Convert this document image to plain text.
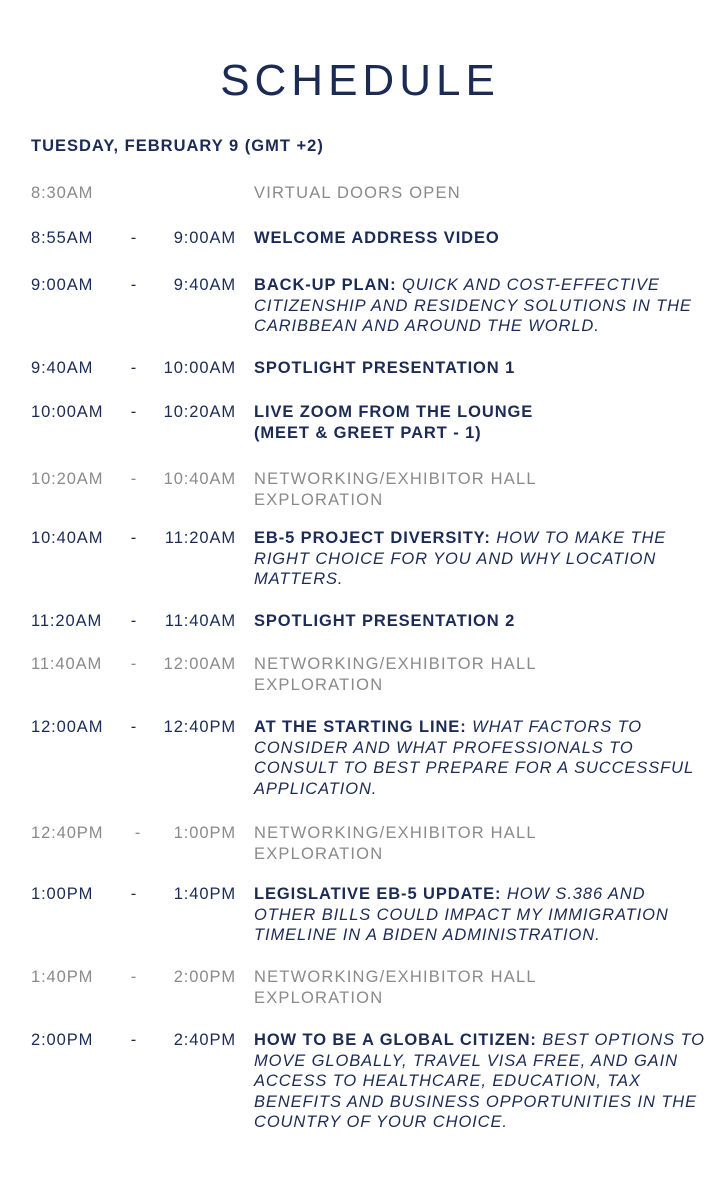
SCHEDULE
TUESDAY, FEBRUARY 9 (GMT +2)
8:30AM	VIRTUAL DOORS OPEN
8:55AM	-	9:00AM WELCOME ADDRESS VIDEO
9:00AM	-	9:40AM BACK-UP PLAN: QUICK AND COST-EFFECTIVE CITIZENSHIP AND RESIDENCY SOLUTIONS IN THE CARIBBEAN AND AROUND THE WORLD.
9:40AM	-	10:00AM SPOTLIGHT PRESENTATION 1
10:00AM	-	10:20AM LIVE ZOOM FROM THE LOUNGE (MEET & GREET PART - 1)
10:20AM	-	10:40AM NETWORKING/EXHIBITOR HALL EXPLORATION
10:40AM	-	11:20AM EB-5 PROJECT DIVERSITY: HOW TO MAKE THE RIGHT CHOICE FOR YOU AND WHY LOCATION MATTERS.
11:20AM	-	11:40AM SPOTLIGHT PRESENTATION 2
11:40AM	-	12:00AM NETWORKING/EXHIBITOR HALL EXPLORATION
12:00AM	-	12:40PM AT THE STARTING LINE: WHAT FACTORS TO CONSIDER AND WHAT PROFESSIONALS TO CONSULT TO BEST PREPARE FOR A SUCCESSFUL APPLICATION.
12:40PM	-	1:00PM NETWORKING/EXHIBITOR HALL EXPLORATION
1:00PM	-	1:40PM LEGISLATIVE EB-5 UPDATE: HOW S.386 AND OTHER BILLS COULD IMPACT MY IMMIGRATION TIMELINE IN A BIDEN ADMINISTRATION.
1:40PM	-	2:00PM NETWORKING/EXHIBITOR HALL EXPLORATION
2:00PM	-	2:40PM HOW TO BE A GLOBAL CITIZEN: BEST OPTIONS TO MOVE GLOBALLY, TRAVEL VISA FREE, AND GAIN ACCESS TO HEALTHCARE, EDUCATION, TAX BENEFITS AND BUSINESS OPPORTUNITIES IN THE COUNTRY OF YOUR CHOICE.
